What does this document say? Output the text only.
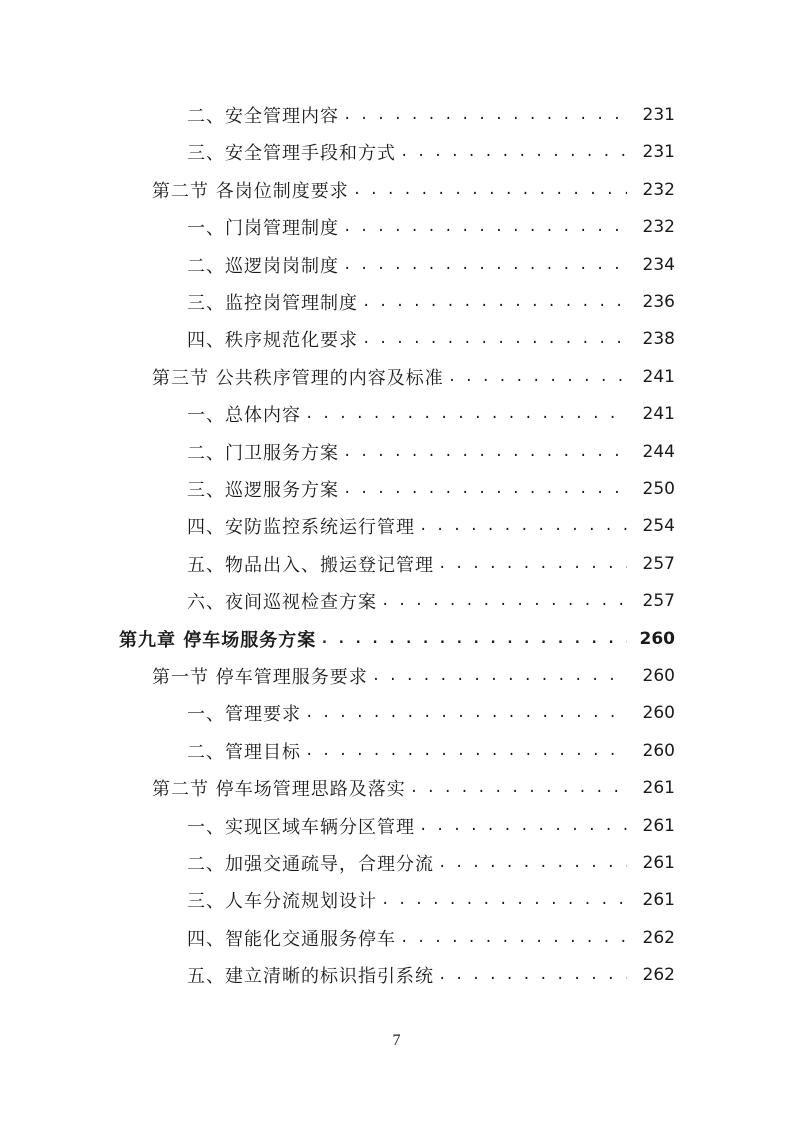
二、安全管理内容 . . .	231
三、安全管理手段和方式 . . .	231
第二节 各岗位制度要求 . . .	232
一、门岗管理制度 . . .	232
二、巡逻岗岗制度 . . .	234
三、监控岗管理制度 . . .	236
四、秩序规范化要求 . . .	238
第三节 公共秩序管理的内容及标准 . . .	241
一、总体内容 . . .	241
二、门卫服务方案 . . .	244
三、巡逻服务方案 . . .	250
四、安防监控系统运行管理 . . .	254
五、物品出入、搬运登记管理 . . .	257
六、夜间巡视检查方案 . . .	257
第九章 停车场服务方案 . . .	260
第一节 停车管理服务要求 . . .	260
一、管理要求 . . .	260
二、管理目标 . . .	260
第二节 停车场管理思路及落实 . . .	261
一、实现区域车辆分区管理 . . .	261
二、加强交通疏导，合理分流 . . .	261
三、人车分流规划设计 . . .	261
四、智能化交通服务停车 . . .	262
五、建立清晰的标识指引系统 . . .	262
7
